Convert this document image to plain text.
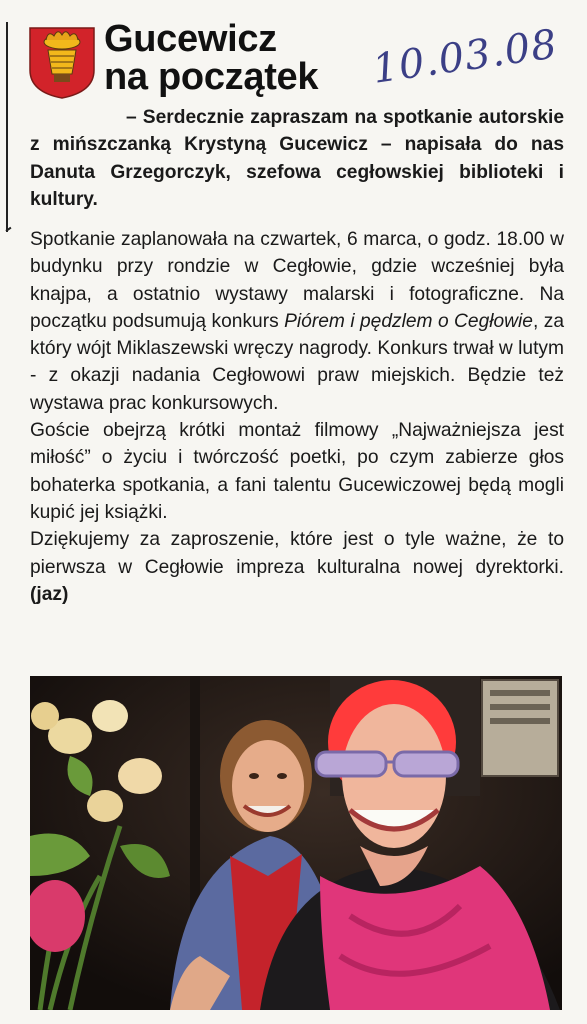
Gucewicz
na początek 10.03.08
– Serdecznie zapraszam na spotkanie autorskie z mińszczanką Krystyną Gucewicz – napisała do nas Danuta Grzegorczyk, szefowa cegłowskiej biblioteki i kultury.

Spotkanie zaplanowała na czwartek, 6 marca, o godz. 18.00 w budynku przy rondzie w Cegłowie, gdzie wcześniej była knajpa, a ostatnio wystawy malarski i fotograficzne. Na początku podsumują konkurs Piórem i pędzlem o Cegłowie, za który wójt Miklaszewski wręczy nagrody. Konkurs trwał w lutym - z okazji nadania Cegłowowi praw miejskich. Będzie też wystawa prac konkursowych.

Goście obejrzą krótki montaż filmowy „Najważniejsza jest miłość” o życiu i twórczość poetki, po czym zabierze głos bohaterka spotkania, a fani talentu Gucewiczowej będą mogli kupić jej książki.

Dziękujemy za zaproszenie, które jest o tyle ważne, że to pierwsza w Cegłowie impreza kulturalna nowej dyrektorki. (jaz)
